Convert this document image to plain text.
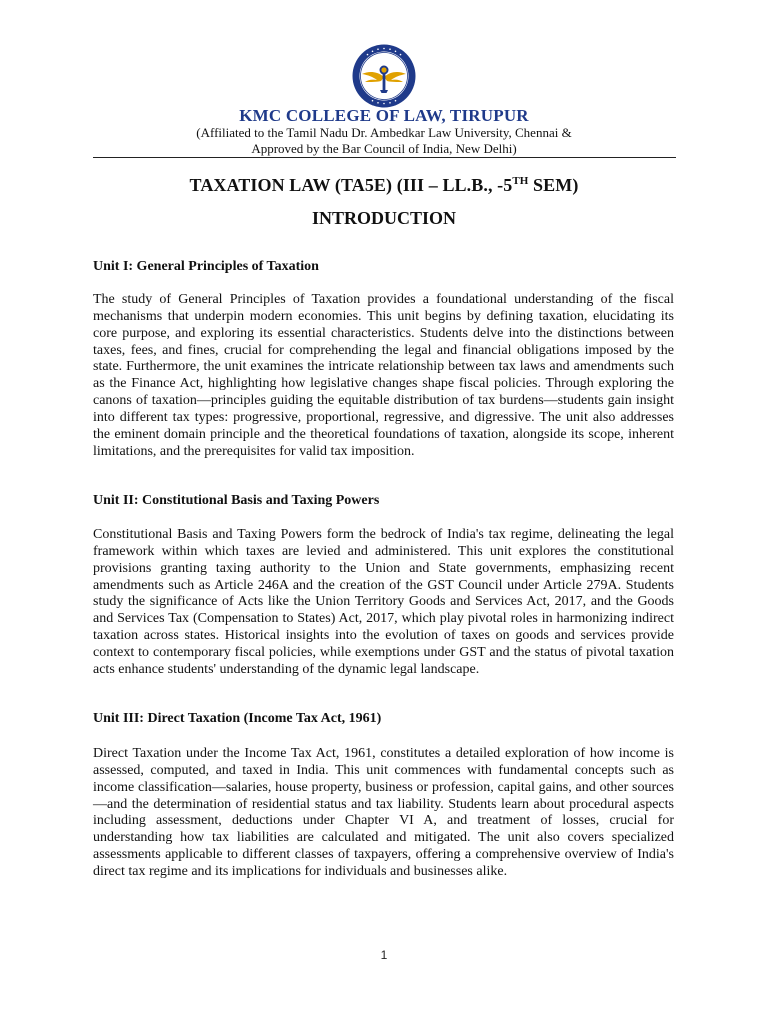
KMC COLLEGE OF LAW, TIRUPUR
(Affiliated to the Tamil Nadu Dr. Ambedkar Law University, Chennai &
Approved by the Bar Council of India, New Delhi)
TAXATION LAW (TA5E) (III – LL.B., -5TH SEM)
INTRODUCTION
Unit I: General Principles of Taxation
The study of General Principles of Taxation provides a foundational understanding of the fiscal mechanisms that underpin modern economies. This unit begins by defining taxation, elucidating its core purpose, and exploring its essential characteristics. Students delve into the distinctions between taxes, fees, and fines, crucial for comprehending the legal and financial obligations imposed by the state. Furthermore, the unit examines the intricate relationship between tax laws and amendments such as the Finance Act, highlighting how legislative changes shape fiscal policies. Through exploring the canons of taxation—principles guiding the equitable distribution of tax burdens—students gain insight into different tax types: progressive, proportional, regressive, and digressive. The unit also addresses the eminent domain principle and the theoretical foundations of taxation, alongside its scope, inherent limitations, and the prerequisites for valid tax imposition.
Unit II: Constitutional Basis and Taxing Powers
Constitutional Basis and Taxing Powers form the bedrock of India's tax regime, delineating the legal framework within which taxes are levied and administered. This unit explores the constitutional provisions granting taxing authority to the Union and State governments, emphasizing recent amendments such as Article 246A and the creation of the GST Council under Article 279A. Students study the significance of Acts like the Union Territory Goods and Services Act, 2017, and the Goods and Services Tax (Compensation to States) Act, 2017, which play pivotal roles in harmonizing indirect taxation across states. Historical insights into the evolution of taxes on goods and services provide context to contemporary fiscal policies, while exemptions under GST and the status of pivotal taxation acts enhance students' understanding of the dynamic legal landscape.
Unit III: Direct Taxation (Income Tax Act, 1961)
Direct Taxation under the Income Tax Act, 1961, constitutes a detailed exploration of how income is assessed, computed, and taxed in India. This unit commences with fundamental concepts such as income classification—salaries, house property, business or profession, capital gains, and other sources—and the determination of residential status and tax liability. Students learn about procedural aspects including assessment, deductions under Chapter VI A, and treatment of losses, crucial for understanding how tax liabilities are calculated and mitigated. The unit also covers specialized assessments applicable to different classes of taxpayers, offering a comprehensive overview of India's direct tax regime and its implications for individuals and businesses alike.
1
